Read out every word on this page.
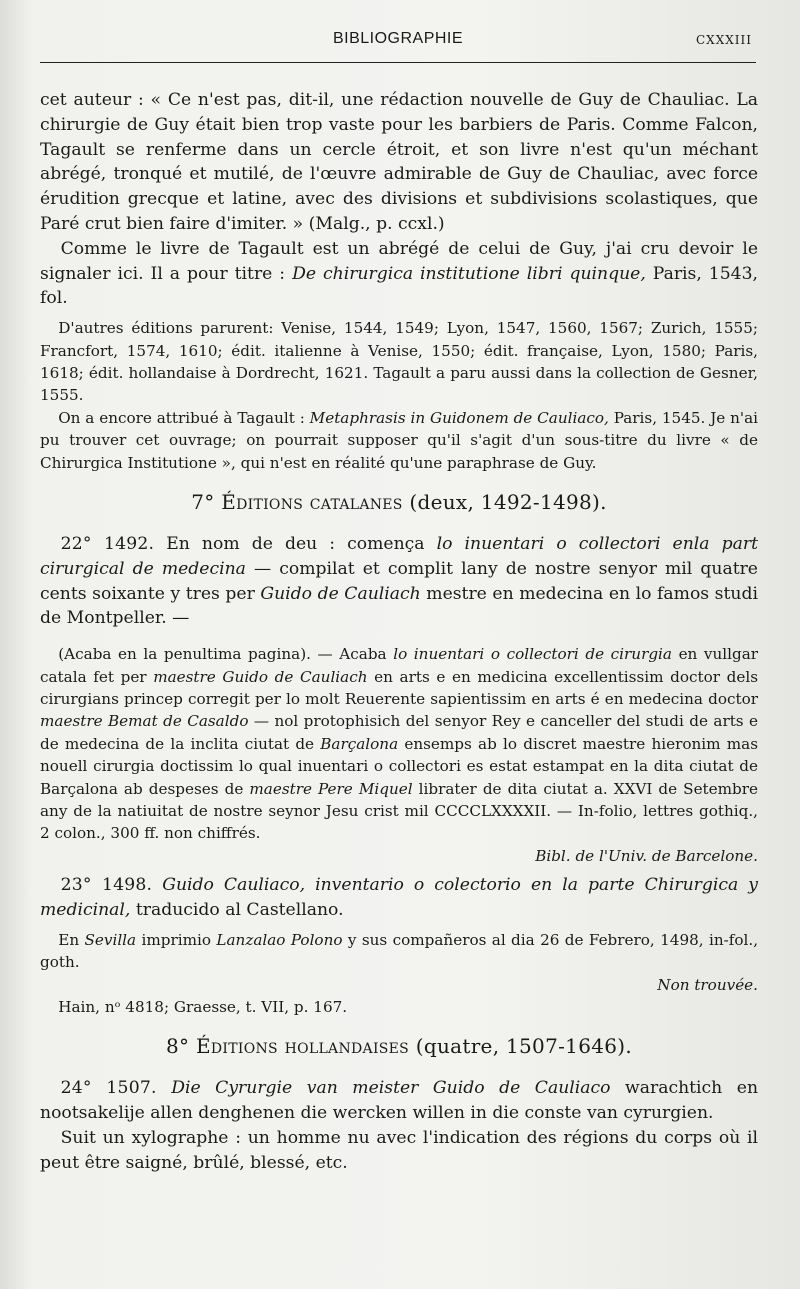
BIBLIOGRAPHIE	CXXXIII

cet auteur : « Ce n'est pas, dit-il, une rédaction nouvelle de Guy de Chauliac. La chirurgie de Guy était bien trop vaste pour les barbiers de Paris. Comme Falcon, Tagault se renferme dans un cercle étroit, et son livre n'est qu'un méchant abrégé, tronqué et mutilé, de l'œuvre admirable de Guy de Chauliac, avec force érudition grecque et latine, avec des divisions et subdivisions scolastiques, que Paré crut bien faire d'imiter. » (Malg., p. ccxl.)

Comme le livre de Tagault est un abrégé de celui de Guy, j'ai cru devoir le signaler ici. Il a pour titre : De chirurgica institutione libri quinque, Paris, 1543, fol.

D'autres éditions parurent: Venise, 1544, 1549; Lyon, 1547, 1560, 1567; Zurich, 1555; Francfort, 1574, 1610; édit. italienne à Venise, 1550; édit. française, Lyon, 1580; Paris, 1618; édit. hollandaise à Dordrecht, 1621. Tagault a paru aussi dans la collection de Gesner, 1555.

On a encore attribué à Tagault : Metaphrasis in Guidonem de Cauliaco, Paris, 1545. Je n'ai pu trouver cet ouvrage; on pourrait supposer qu'il s'agit d'un sous-titre du livre « de Chirurgica Institutione », qui n'est en réalité qu'une paraphrase de Guy.

7° Éditions catalanes (deux, 1492-1498).

22° 1492. En nom de deu : comença lo inuentari o collectori enla part cirurgical de medecina — compilat et complit lany de nostre senyor mil quatre cents soixante y tres per Guido de Cauliach mestre en medecina en lo famos studi de Montpeller. —

(Acaba en la penultima pagina). — Acaba lo inuentari o collectori de cirurgia en vullgar catala fet per maestre Guido de Cauliach en arts e en medicina excellentissim doctor dels cirurgians princep corregit per lo molt Reuerente sapientissim en arts é en medecina doctor maestre Bemat de Casaldo — nol protophisich del senyor Rey e canceller del studi de arts e de medecina de la inclita ciutat de Barçalona ensemps ab lo discret maestre hieronim mas nouell cirurgia doctissim lo qual inuentari o collectori es estat estampat en la dita ciutat de Barçalona ab despeses de maestre Pere Miquel librater de dita ciutat a. XXVI de Setembre any de la natiuitat de nostre seynor Jesu crist mil CCCCLXXXXII. — In-folio, lettres gothiq., 2 colon., 300 ff. non chiffrés.

Bibl. de l'Univ. de Barcelone.

23° 1498. Guido Cauliaco, inventario o colectorio en la parte Chirurgica y medicinal, traducido al Castellano.

En Sevilla imprimio Lanzalao Polono y sus compañeros al dia 26 de Febrero, 1498, in-fol., goth.

Non trouvée.

Hain, nᵒ 4818; Graesse, t. VII, p. 167.

8° Éditions hollandaises (quatre, 1507-1646).

24° 1507. Die Cyrurgie van meister Guido de Cauliaco warachtich en nootsakelije allen denghenen die wercken willen in die conste van cyrurgien.

Suit un xylographe : un homme nu avec l'indication des régions du corps où il peut être saigné, brûlé, blessé, etc.
